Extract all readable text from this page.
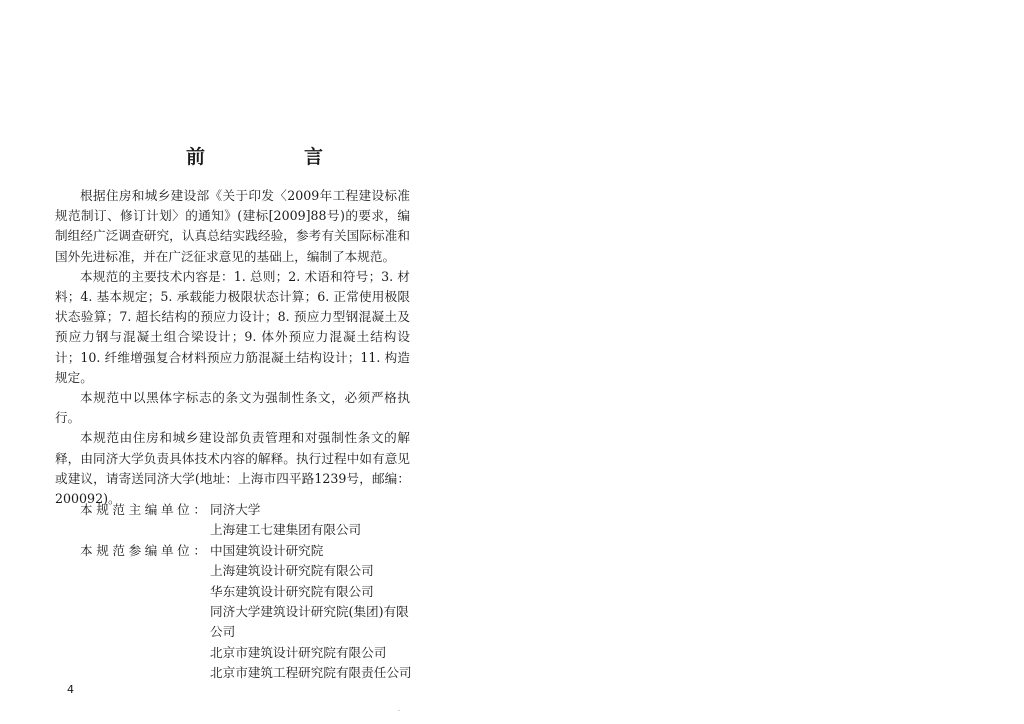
前　言

根据住房和城乡建设部《关于印发〈2009年工程建设标准规范制订、修订计划〉的通知》(建标[2009]88号)的要求，编制组经广泛调查研究，认真总结实践经验，参考有关国际标准和国外先进标准，并在广泛征求意见的基础上，编制了本规范。

本规范的主要技术内容是：1. 总则；2. 术语和符号；3. 材料；4. 基本规定；5. 承载能力极限状态计算；6. 正常使用极限状态验算；7. 超长结构的预应力设计；8. 预应力型钢混凝土及预应力钢与混凝土组合梁设计；9. 体外预应力混凝土结构设计；10. 纤维增强复合材料预应力筋混凝土结构设计；11. 构造规定。

本规范中以黑体字标志的条文为强制性条文，必须严格执行。

本规范由住房和城乡建设部负责管理和对强制性条文的解释，由同济大学负责具体技术内容的解释。执行过程中如有意见或建议，请寄送同济大学(地址：上海市四平路1239号，邮编：200092)。

本规范主编单位： 同济大学
上海建工七建集团有限公司
本规范参编单位： 中国建筑设计研究院
上海建筑设计研究院有限公司
华东建筑设计研究院有限公司
同济大学建筑设计研究院(集团)有限公司
北京市建筑设计研究院有限公司
北京市建筑工程研究院有限责任公司
4
·
